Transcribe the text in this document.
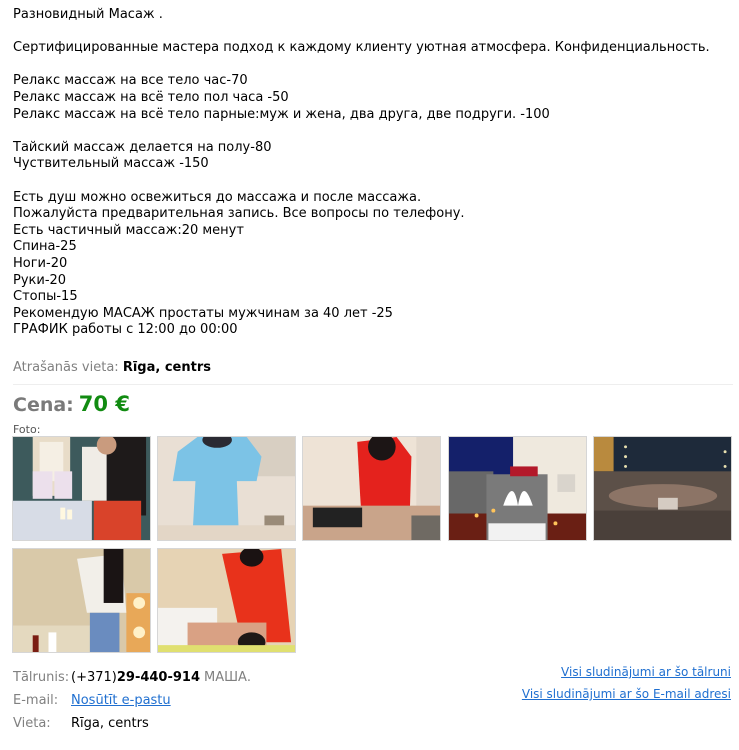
Разновидный Масаж .
Сертифицированные мастера подход к каждому клиенту уютная атмосфера. Конфиденциальность.
Релакс массаж на все тело час-70
Релакс массаж на всё тело пол часа -50
Релакс массаж на всё тело парные:муж и жена, два друга, две подруги. -100
Тайский массаж делается на полу-80
Чуствительный массаж -150
Есть душ можно освежиться до массажа и после массажа.
Пожалуйста предварительная запись. Все вопросы по телефону.
Есть частичный массаж:20 менут
Спина-25
Ноги-20
Руки-20
Стопы-15
Рекомендую МАСАЖ простаты мужчинам за 40 лет -25
ГРАФИК работы с 12:00 до 00:00
Atrašanās vieta: Rīga, centrs
Cena: 70 €
Foto:
Tālrunis: (+371)29-440-914 МАША.
E-mail: Nosūtīt e-pastu
Vieta:	Rīga, centrs
Visi sludinājumi ar šo tālruni
Visi sludinājumi ar šo E-mail adresi
